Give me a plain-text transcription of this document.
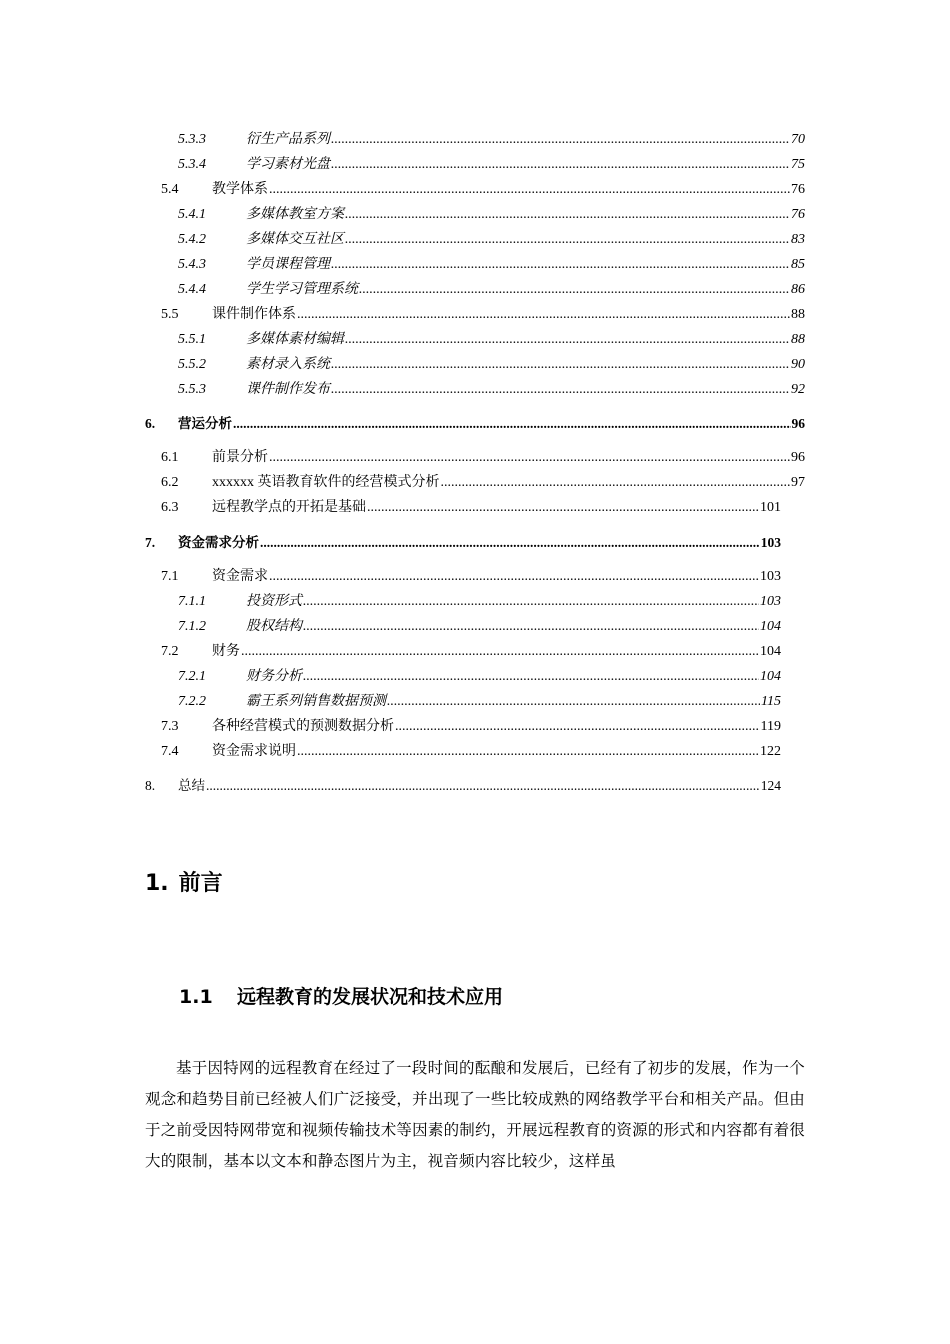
5.3.3	衍生产品系列 .....	70
5.3.4	学习素材光盘 .....	75
5.4	教学体系 .....	76
5.4.1	多媒体教室方案 .....	76
5.4.2	多媒体交互社区 .....	83
5.4.3	学员课程管理 .....	85
5.4.4	学生学习管理系统 .....	86
5.5	课件制作体系 .....	88
5.5.1	多媒体素材编辑 .....	88
5.5.2	素材录入系统 .....	90
5.5.3	课件制作发布 .....	92
6.	营运分析 .....	96
6.1	前景分析 .....	96
6.2	xxxxxx 英语教育软件的经营模式分析 .....	97
6.3	远程教学点的开拓是基础 .....	101
7.	资金需求分析 .....	103
7.1	资金需求 .....	103
7.1.1	投资形式 .....	103
7.1.2	股权结构 .....	104
7.2	财务 .....	104
7.2.1	财务分析 .....	104
7.2.2	霸王系列销售数据预测 .....	115
7.3	各种经营模式的预测数据分析 .....	119
7.4	资金需求说明 .....	122
8.	总结 .....	124
1. 前言
1.1 远程教育的发展状况和技术应用
基于因特网的远程教育在经过了一段时间的酝酿和发展后，已经有了初步的发展，作为一个观念和趋势目前已经被人们广泛接受，并出现了一些比较成熟的网络教学平台和相关产品。但由于之前受因特网带宽和视频传输技术等因素的制约，开展远程教育的资源的形式和内容都有着很大的限制，基本以文本和静态图片为主，视音频内容比较少，这样虽
